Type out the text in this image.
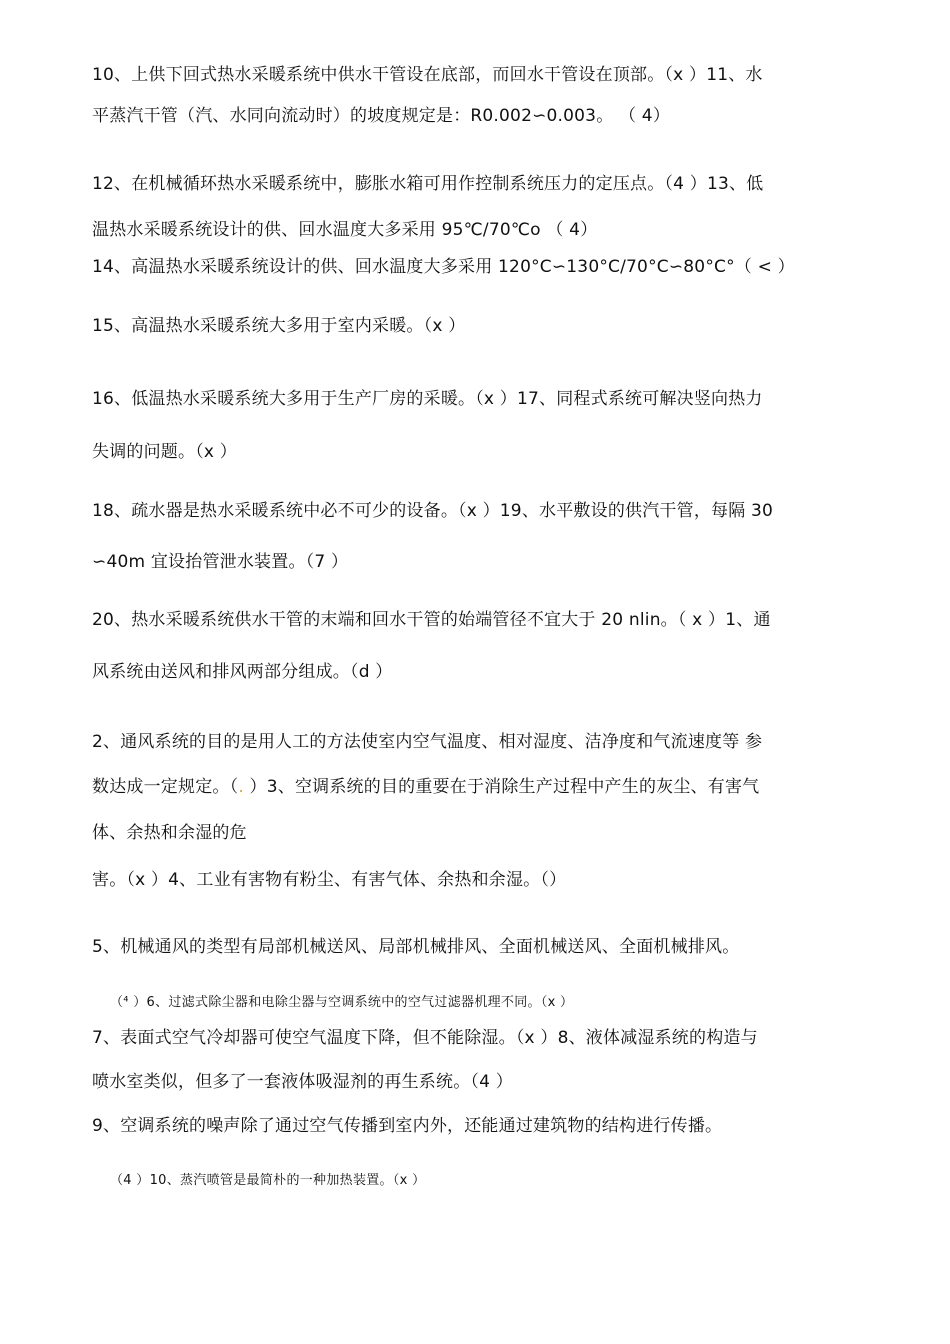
10、上供下回式热水采暖系统中供水干管设在底部，而回水干管设在顶部。（x ）11、水
平蒸汽干管（汽、水同向流动时）的坡度规定是：R0.002∽0.003。 （ 4）
12、在机械循环热水采暖系统中，膨胀水箱可用作控制系统压力的定压点。（4 ）13、低
温热水采暖系统设计的供、回水温度大多采用 95℃/70℃o （ 4）
14、高温热水采暖系统设计的供、回水温度大多采用 120°C∽130°C/70°C∽80°C°（ < ）
15、高温热水采暖系统大多用于室内采暖。（x ）
16、低温热水采暖系统大多用于生产厂房的采暖。（x ）17、同程式系统可解决竖向热力
失调的问题。（x ）
18、疏水器是热水采暖系统中必不可少的设备。（x ）19、水平敷设的供汽干管，每隔 30
∽40m 宜设抬管泄水装置。（7 ）
20、热水采暖系统供水干管的末端和回水干管的始端管径不宜大于 20 nlin。（ x ）1、通
风系统由送风和排风两部分组成。（d ）
2、通风系统的目的是用人工的方法使室内空气温度、相对湿度、洁净度和气流速度等 参
数达成一定规定。（. ）3、空调系统的目的重要在于消除生产过程中产生的灰尘、有害气
体、余热和余湿的危
害。（x ）4、工业有害物有粉尘、有害气体、余热和余湿。（）
5、机械通风的类型有局部机械送风、局部机械排风、全面机械送风、全面机械排风。
（⁴ ）6、过滤式除尘器和电除尘器与空调系统中的空气过滤器机理不同。（x ）
7、表面式空气冷却器可使空气温度下降，但不能除湿。（x ）8、液体减湿系统的构造与
喷水室类似，但多了一套液体吸湿剂的再生系统。（4 ）
9、空调系统的噪声除了通过空气传播到室内外，还能通过建筑物的结构进行传播。
（4 ）10、蒸汽喷管是最简朴的一种加热装置。（x ）
